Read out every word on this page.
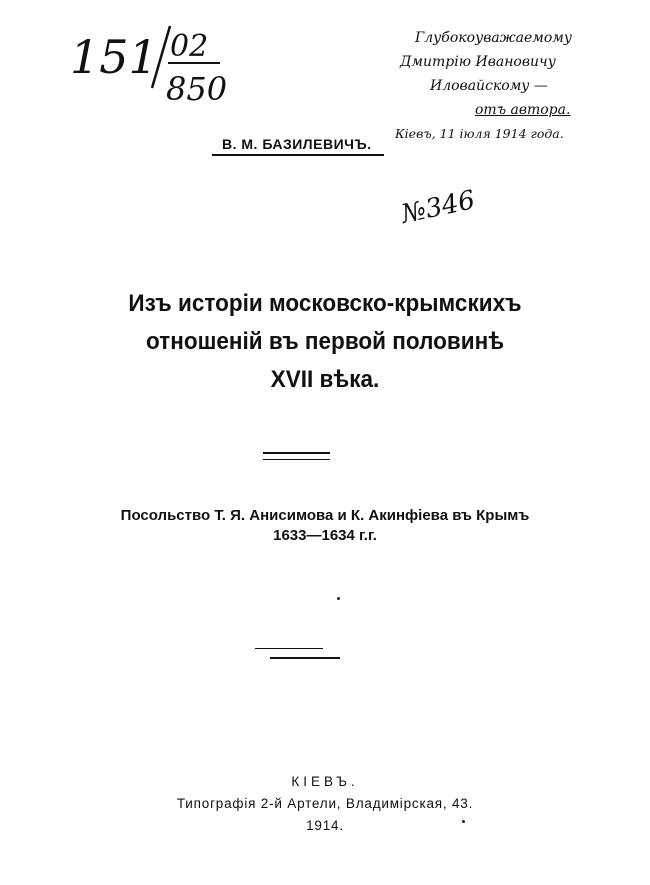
151 02
850
Глубокоуважаемому
Дмитрію Ивановичу
Иловайскому —
отъ автора.
Кіевъ, 11 іюля 1914 года.
В. М. БАЗИЛЕВИЧЪ.
№346
Изъ исторіи московско-крымскихъ
отношеній въ первой половинѣ
XVII вѣка.
Посольство Т. Я. Анисимова и К. Акинфіева въ Крымъ
1633—1634 г.г.
КІЕВЪ.
Типографія 2-й Артели, Владимірская, 43.
1914.
